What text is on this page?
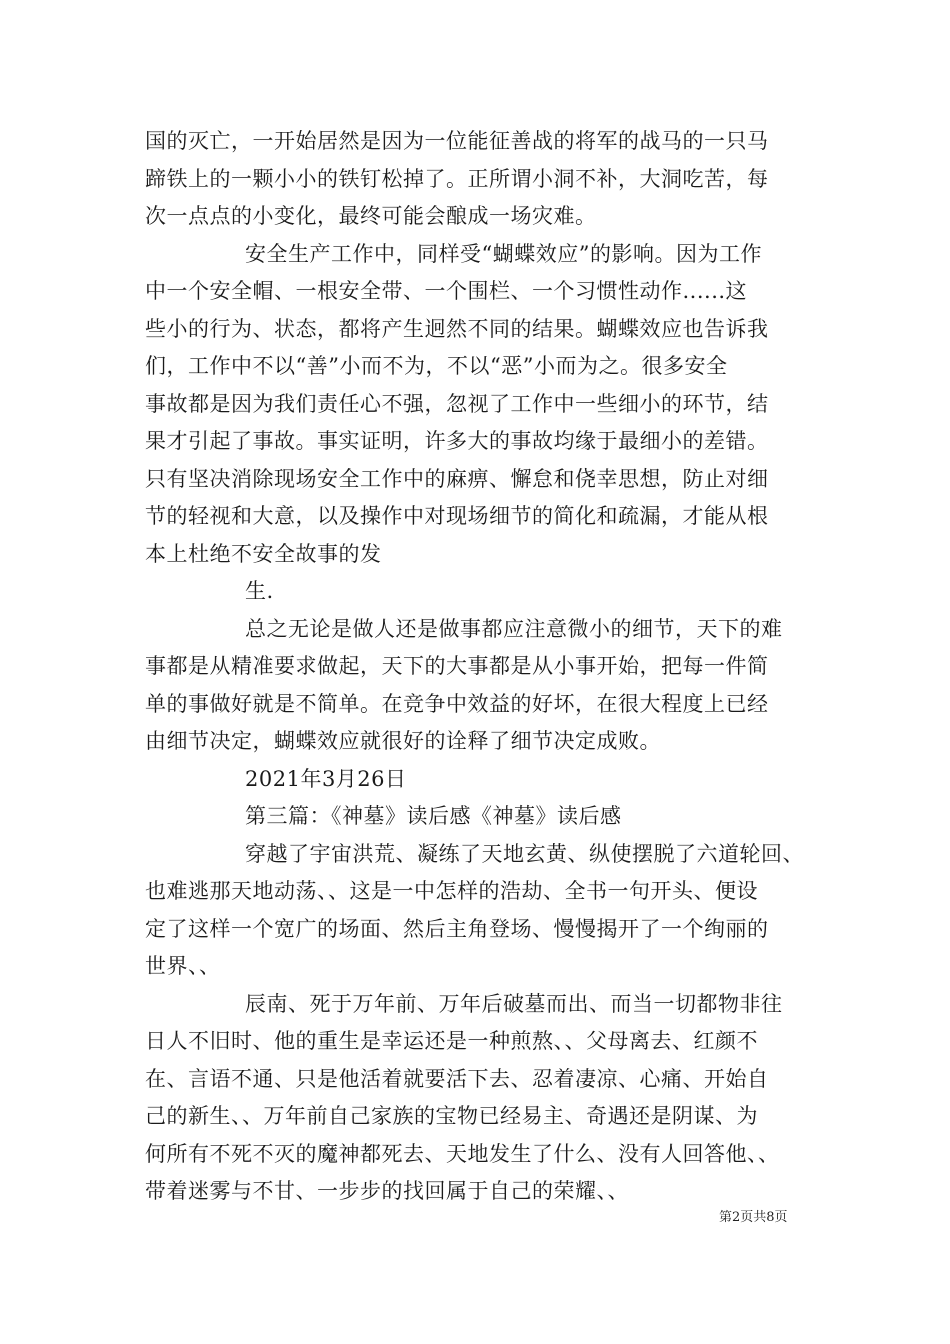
国的灭亡，一开始居然是因为一位能征善战的将军的战马的一只马
蹄铁上的一颗小小的铁钉松掉了。正所谓小洞不补，大洞吃苦，每
次一点点的小变化，最终可能会酿成一场灾难。
安全生产工作中，同样受“蝴蝶效应”的影响。因为工作
中一个安全帽、一根安全带、一个围栏、一个习惯性动作......这
些小的行为、状态，都将产生迥然不同的结果。蝴蝶效应也告诉我
们，工作中不以“善”小而不为，不以“恶”小而为之。很多安全
事故都是因为我们责任心不强，忽视了工作中一些细小的环节，结
果才引起了事故。事实证明，许多大的事故均缘于最细小的差错。
只有坚决消除现场安全工作中的麻痹、懈怠和侥幸思想，防止对细
节的轻视和大意，以及操作中对现场细节的简化和疏漏，才能从根
本上杜绝不安全故事的发
生.
总之无论是做人还是做事都应注意微小的细节，天下的难
事都是从精准要求做起，天下的大事都是从小事开始，把每一件简
单的事做好就是不简单。在竞争中效益的好坏，在很大程度上已经
由细节决定，蝴蝶效应就很好的诠释了细节决定成败。
2021年3月26日
第三篇：《神墓》读后感《神墓》读后感
穿越了宇宙洪荒、凝练了天地玄黄、纵使摆脱了六道轮回、
也难逃那天地动荡、、这是一中怎样的浩劫、全书一句开头、便设
定了这样一个宽广的场面、然后主角登场、慢慢揭开了一个绚丽的
世界、、
辰南、死于万年前、万年后破墓而出、而当一切都物非往
日人不旧时、他的重生是幸运还是一种煎熬、、父母离去、红颜不
在、言语不通、只是他活着就要活下去、忍着凄凉、心痛、开始自
己的新生、、万年前自己家族的宝物已经易主、奇遇还是阴谋、为
何所有不死不灭的魔神都死去、天地发生了什么、没有人回答他、、
带着迷雾与不甘、一步步的找回属于自己的荣耀、、
第2页共8页
